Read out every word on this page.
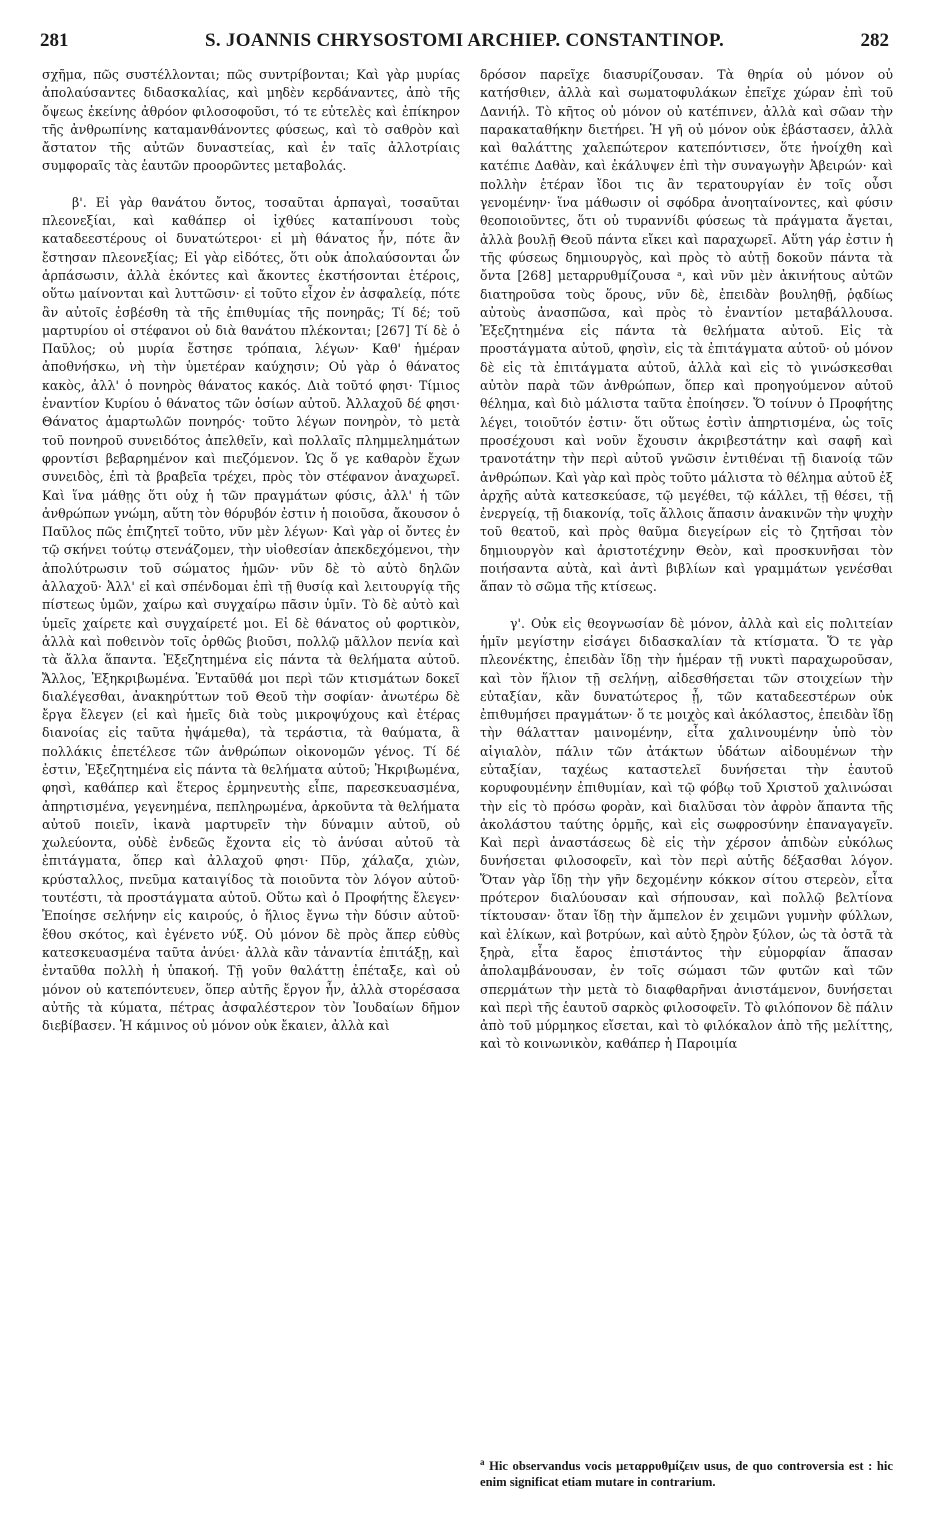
281	S. JOANNIS CHRYSOSTOMI ARCHIEP. CONSTANTINOP.	282

σχῆμα, πῶς συστέλλονται; πῶς συντρίβονται; Καὶ γὰρ μυρίας ἀπολαύσαντες διδασκαλίας, καὶ μηδὲν κερδάναντες, ἀπὸ τῆς ὄψεως ἐκείνης ἀθρόον φιλοσοφοῦσι, τό τε εὐτελὲς καὶ ἐπίκηρον τῆς ἀνθρωπίνης καταμανθάνοντες φύσεως, καὶ τὸ σαθρὸν καὶ ἄστατον τῆς αὐτῶν δυναστείας, καὶ ἐν ταῖς ἀλλοτρίαις συμφοραῖς τὰς ἑαυτῶν προορῶντες μεταβολάς.

β'. Εἰ γὰρ θανάτου ὄντος, τοσαῦται ἁρπαγαὶ, τοσαῦται πλεονεξίαι, καὶ καθάπερ οἱ ἰχθύες καταπίνουσι τοὺς καταδεεστέρους οἱ δυνατώτεροι· εἰ μὴ θάνατος ἦν, πότε ἂν ἔστησαν πλεονεξίας; Εἰ γὰρ εἰδότες, ὅτι οὐκ ἀπολαύσονται ὧν ἁρπάσωσιν, ἀλλὰ ἑκόντες καὶ ἄκοντες ἐκστήσονται ἑτέροις, οὕτω μαίνονται καὶ λυττῶσιν· εἰ τοῦτο εἶχον ἐν ἀσφαλείᾳ, πότε ἂν αὐτοῖς ἐσβέσθη τὰ τῆς ἐπιθυμίας τῆς πονηρᾶς; Τί δέ; τοῦ μαρτυρίου οἱ στέφανοι οὐ διὰ θανάτου πλέκονται; [267] Τί δὲ ὁ Παῦλος; οὐ μυρία ἔστησε τρόπαια, λέγων· Καθ' ἡμέραν ἀποθνήσκω, νὴ τὴν ὑμετέραν καύχησιν; Οὐ γὰρ ὁ θάνατος κακὸς, ἀλλ' ὁ πονηρὸς θάνατος κακός. Διὰ τοῦτό φησι· Τίμιος ἐναντίον Κυρίου ὁ θάνατος τῶν ὁσίων αὐτοῦ. Ἀλλαχοῦ δέ φησι· Θάνατος ἁμαρτωλῶν πονηρός· τοῦτο λέγων πονηρὸν, τὸ μετὰ τοῦ πονηροῦ συνειδότος ἀπελθεῖν, καὶ πολλαῖς πλημμελημάτων φροντίσι βεβαρημένον καὶ πιεζόμενον. Ὡς ὅ γε καθαρὸν ἔχων συνειδὸς, ἐπὶ τὰ βραβεῖα τρέχει, πρὸς τὸν στέφανον ἀναχωρεῖ. Καὶ ἵνα μάθῃς ὅτι οὐχ ἡ τῶν πραγμάτων φύσις, ἀλλ' ἡ τῶν ἀνθρώπων γνώμη, αὕτη τὸν θόρυβόν ἐστιν ἡ ποιοῦσα, ἄκουσον ὁ Παῦλος πῶς ἐπιζητεῖ τοῦτο, νῦν μὲν λέγων· Καὶ γὰρ οἱ ὄντες ἐν τῷ σκήνει τούτῳ στενάζομεν, τὴν υἱοθεσίαν ἀπεκδεχόμενοι, τὴν ἀπολύτρωσιν τοῦ σώματος ἡμῶν· νῦν δὲ τὸ αὐτὸ δηλῶν ἀλλαχοῦ· Ἀλλ' εἰ καὶ σπένδομαι ἐπὶ τῇ θυσίᾳ καὶ λειτουργίᾳ τῆς πίστεως ὑμῶν, χαίρω καὶ συγχαίρω πᾶσιν ὑμῖν. Τὸ δὲ αὐτὸ καὶ ὑμεῖς χαίρετε καὶ συγχαίρετέ μοι. Εἰ δὲ θάνατος οὐ φορτικὸν, ἀλλὰ καὶ ποθεινὸν τοῖς ὀρθῶς βιοῦσι, πολλῷ μᾶλλον πενία καὶ τὰ ἄλλα ἅπαντα. Ἐξεζητημένα εἰς πάντα τὰ θελήματα αὐτοῦ. Ἄλλος, Ἐξηκριβωμένα. Ἐνταῦθά μοι περὶ τῶν κτισμάτων δοκεῖ διαλέγεσθαι, ἀνακηρύττων τοῦ Θεοῦ τὴν σοφίαν· ἀνωτέρω δὲ ἔργα ἔλεγεν (εἰ καὶ ἡμεῖς διὰ τοὺς μικροψύχους καὶ ἑτέρας διανοίας εἰς ταῦτα ἠψάμεθα), τὰ τεράστια, τὰ θαύματα, ἃ πολλάκις ἐπετέλεσε τῶν ἀνθρώπων οἰκονομῶν γένος. Τί δέ ἐστιν, Ἐξεζητημένα εἰς πάντα τὰ θελήματα αὐτοῦ; Ἠκριβωμένα, φησὶ, καθάπερ καὶ ἕτερος ἑρμηνευτὴς εἶπε, παρεσκευασμένα, ἀπηρτισμένα, γεγενημένα, πεπληρωμένα, ἀρκοῦντα τὰ θελήματα αὐτοῦ ποιεῖν, ἱκανὰ μαρτυρεῖν τὴν δύναμιν αὐτοῦ, οὐ χωλεύοντα, οὐδὲ ἐνδεῶς ἔχοντα εἰς τὸ ἀνύσαι αὐτοῦ τὰ ἐπιτάγματα, ὅπερ καὶ ἀλλαχοῦ φησι· Πῦρ, χάλαζα, χιὼν, κρύσταλλος, πνεῦμα καταιγίδος τὰ ποιοῦντα τὸν λόγον αὐτοῦ· τουτέστι, τὰ προστάγματα αὐτοῦ. Οὕτω καὶ ὁ Προφήτης ἔλεγεν· Ἐποίησε σελήνην εἰς καιρούς, ὁ ἥλιος ἔγνω τὴν δύσιν αὐτοῦ· ἔθου σκότος, καὶ ἐγένετο νύξ. Οὐ μόνον δὲ πρὸς ἅπερ εὐθὺς κατεσκευασμένα ταῦτα ἀνύει· ἀλλὰ κἂν τἀναντία ἐπιτάξῃ, καὶ ἐνταῦθα πολλὴ ἡ ὑπακοή. Τῇ γοῦν θαλάττῃ ἐπέταξε, καὶ οὐ μόνον οὐ κατεπόντευεν, ὅπερ αὐτῆς ἔργον ἦν, ἀλλὰ στορέσασα αὐτῆς τὰ κύματα, πέτρας ἀσφαλέστερον τὸν Ἰουδαίων δῆμον διεβίβασεν. Ἡ κάμινος οὐ μόνον οὐκ ἔκαιεν, ἀλλὰ καὶ

δρόσον παρεῖχε διασυρίζουσαν. Τὰ θηρία οὐ μόνον οὐ κατήσθιεν, ἀλλὰ καὶ σωματοφυλάκων ἐπεῖχε χώραν ἐπὶ τοῦ Δανιήλ. Τὸ κῆτος οὐ μόνον οὐ κατέπινεν, ἀλλὰ καὶ σῶαν τὴν παρακαταθήκην διετήρει. Ἡ γῆ οὐ μόνον οὐκ ἐβάστασεν, ἀλλὰ καὶ θαλάττης χαλεπώτερον κατεπόντισεν, ὅτε ἠνοίχθη καὶ κατέπιε Δαθὰν, καὶ ἐκάλυψεν ἐπὶ τὴν συναγωγὴν Ἀβειρών· καὶ πολλὴν ἑτέραν ἴδοι τις ἂν τερατουργίαν ἐν τοῖς οὖσι γενομένην· ἵνα μάθωσιν οἱ σφόδρα ἀνοηταίνοντες, καὶ φύσιν θεοποιοῦντες, ὅτι οὐ τυραννίδι φύσεως τὰ πράγματα ἄγεται, ἀλλὰ βουλῇ Θεοῦ πάντα εἴκει καὶ παραχωρεῖ. Αὕτη γάρ ἐστιν ἡ τῆς φύσεως δημιουργὸς, καὶ πρὸς τὸ αὐτῇ δοκοῦν πάντα τὰ ὄντα [268] μεταρρυθμίζουσα ᵃ, καὶ νῦν μὲν ἀκινήτους αὐτῶν διατηροῦσα τοὺς ὅρους, νῦν δὲ, ἐπειδὰν βουληθῇ, ῥᾳδίως αὐτοὺς ἀνασπῶσα, καὶ πρὸς τὸ ἐναντίον μεταβάλλουσα. Ἐξεζητημένα εἰς πάντα τὰ θελήματα αὐτοῦ. Εἰς τὰ προστάγματα αὐτοῦ, φησὶν, εἰς τὰ ἐπιτάγματα αὐτοῦ· οὐ μόνον δὲ εἰς τὰ ἐπιτάγματα αὐτοῦ, ἀλλὰ καὶ εἰς τὸ γινώσκεσθαι αὐτὸν παρὰ τῶν ἀνθρώπων, ὅπερ καὶ προηγούμενον αὐτοῦ θέλημα, καὶ διὸ μάλιστα ταῦτα ἐποίησεν. Ὅ τοίνυν ὁ Προφήτης λέγει, τοιοῦτόν ἐστιν· ὅτι οὕτως ἐστὶν ἀπηρτισμένα, ὡς τοῖς προσέχουσι καὶ νοῦν ἔχουσιν ἀκριβεστάτην καὶ σαφῆ καὶ τρανοτάτην τὴν περὶ αὐτοῦ γνῶσιν ἐντιθέναι τῇ διανοίᾳ τῶν ἀνθρώπων. Καὶ γὰρ καὶ πρὸς τοῦτο μάλιστα τὸ θέλημα αὐτοῦ ἐξ ἀρχῆς αὐτὰ κατεσκεύασε, τῷ μεγέθει, τῷ κάλλει, τῇ θέσει, τῇ ἐνεργείᾳ, τῇ διακονίᾳ, τοῖς ἄλλοις ἅπασιν ἀνακινῶν τὴν ψυχὴν τοῦ θεατοῦ, καὶ πρὸς θαῦμα διεγείρων εἰς τὸ ζητῆσαι τὸν δημιουργὸν καὶ ἀριστοτέχνην Θεὸν, καὶ προσκυνῆσαι τὸν ποιήσαντα αὐτὰ, καὶ ἀντὶ βιβλίων καὶ γραμμάτων γενέσθαι ἅπαν τὸ σῶμα τῆς κτίσεως.

γ'. Οὐκ εἰς θεογνωσίαν δὲ μόνον, ἀλλὰ καὶ εἰς πολιτείαν ἡμῖν μεγίστην εἰσάγει διδασκαλίαν τὰ κτίσματα. Ὅ τε γὰρ πλεονέκτης, ἐπειδὰν ἴδῃ τὴν ἡμέραν τῇ νυκτὶ παραχωροῦσαν, καὶ τὸν ἥλιον τῇ σελήνῃ, αἰδεσθήσεται τῶν στοιχείων τὴν εὐταξίαν, κἂν δυνατώτερος ᾖ, τῶν καταδεεστέρων οὐκ ἐπιθυμήσει πραγμάτων· ὅ τε μοιχὸς καὶ ἀκόλαστος, ἐπειδὰν ἴδῃ τὴν θάλατταν μαινομένην, εἶτα χαλινουμένην ὑπὸ τὸν αἰγιαλὸν, πάλιν τῶν ἀτάκτων ὑδάτων αἰδουμένων τὴν εὐταξίαν, ταχέως καταστελεῖ δυνήσεται τὴν ἑαυτοῦ κορυφουμένην ἐπιθυμίαν, καὶ τῷ φόβῳ τοῦ Χριστοῦ χαλινώσαι τὴν εἰς τὸ πρόσω φορὰν, καὶ διαλῦσαι τὸν ἀφρὸν ἅπαντα τῆς ἀκολάστου ταύτης ὁρμῆς, καὶ εἰς σωφροσύνην ἐπαναγαγεῖν. Καὶ περὶ ἀναστάσεως δὲ εἰς τὴν χέρσον ἀπιδὼν εὐκόλως δυνήσεται φιλοσοφεῖν, καὶ τὸν περὶ αὐτῆς δέξασθαι λόγον. Ὅταν γὰρ ἴδῃ τὴν γῆν δεχομένην κόκκον σίτου στερεὸν, εἶτα πρότερον διαλύουσαν καὶ σήπουσαν, καὶ πολλῷ βελτίονα τίκτουσαν· ὅταν ἴδῃ τὴν ἄμπελον ἐν χειμῶνι γυμνὴν φύλλων, καὶ ἑλίκων, καὶ βοτρύων, καὶ αὐτὸ ξηρὸν ξύλον, ὡς τὰ ὀστᾶ τὰ ξηρὰ, εἶτα ἔαρος ἐπιστάντος τὴν εὐμορφίαν ἅπασαν ἀπολαμβάνουσαν, ἐν τοῖς σώμασι τῶν φυτῶν καὶ τῶν σπερμάτων τὴν μετὰ τὸ διαφθαρῆναι ἀνιστάμενον, δυνήσεται καὶ περὶ τῆς ἑαυτοῦ σαρκὸς φιλοσοφεῖν. Τὸ φιλόπονον δὲ πάλιν ἀπὸ τοῦ μύρμηκος εἴσεται, καὶ τὸ φιλόκαλον ἀπὸ τῆς μελίττης, καὶ τὸ κοινωνικὸν, καθάπερ ἡ Παροιμία

$^a$ Hic observandus vocis μεταρρυθμίζειν usus, de quo controversia est : hic enim significat etiam mutare in contrarium.
